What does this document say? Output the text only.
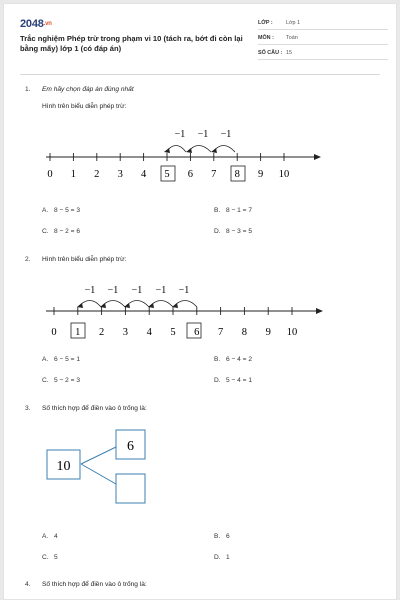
2048.vn
Trắc nghiệm Phép trừ trong phạm vi 10 (tách ra, bớt đi còn lại bằng mấy) lớp 1 (có đáp án)
LỚP : Lớp 1
MÔN : Toán
SỐ CÂU : 15
1. Em hãy chọn đáp án đúng nhất
Hình trên biểu diễn phép trừ:
0 1 2 3 4 5 6 7 8 9 10
−1 −1 −1
A. 8 − 5 = 3	B. 8 − 1 = 7
C. 8 − 2 = 6	D. 8 − 3 = 5
2. Hình trên biểu diễn phép trừ:
0 1 2 3 4 5 6 7 8 9 10
−1 −1 −1 −1 −1
A. 6 − 5 = 1	B. 6 − 4 = 2
C. 5 − 2 = 3	D. 5 − 4 = 1
3. Số thích hợp để điền vào ô trống là:
10
6
A. 4	B. 6
C. 5	D. 1
4. Số thích hợp để điền vào ô trống là:
